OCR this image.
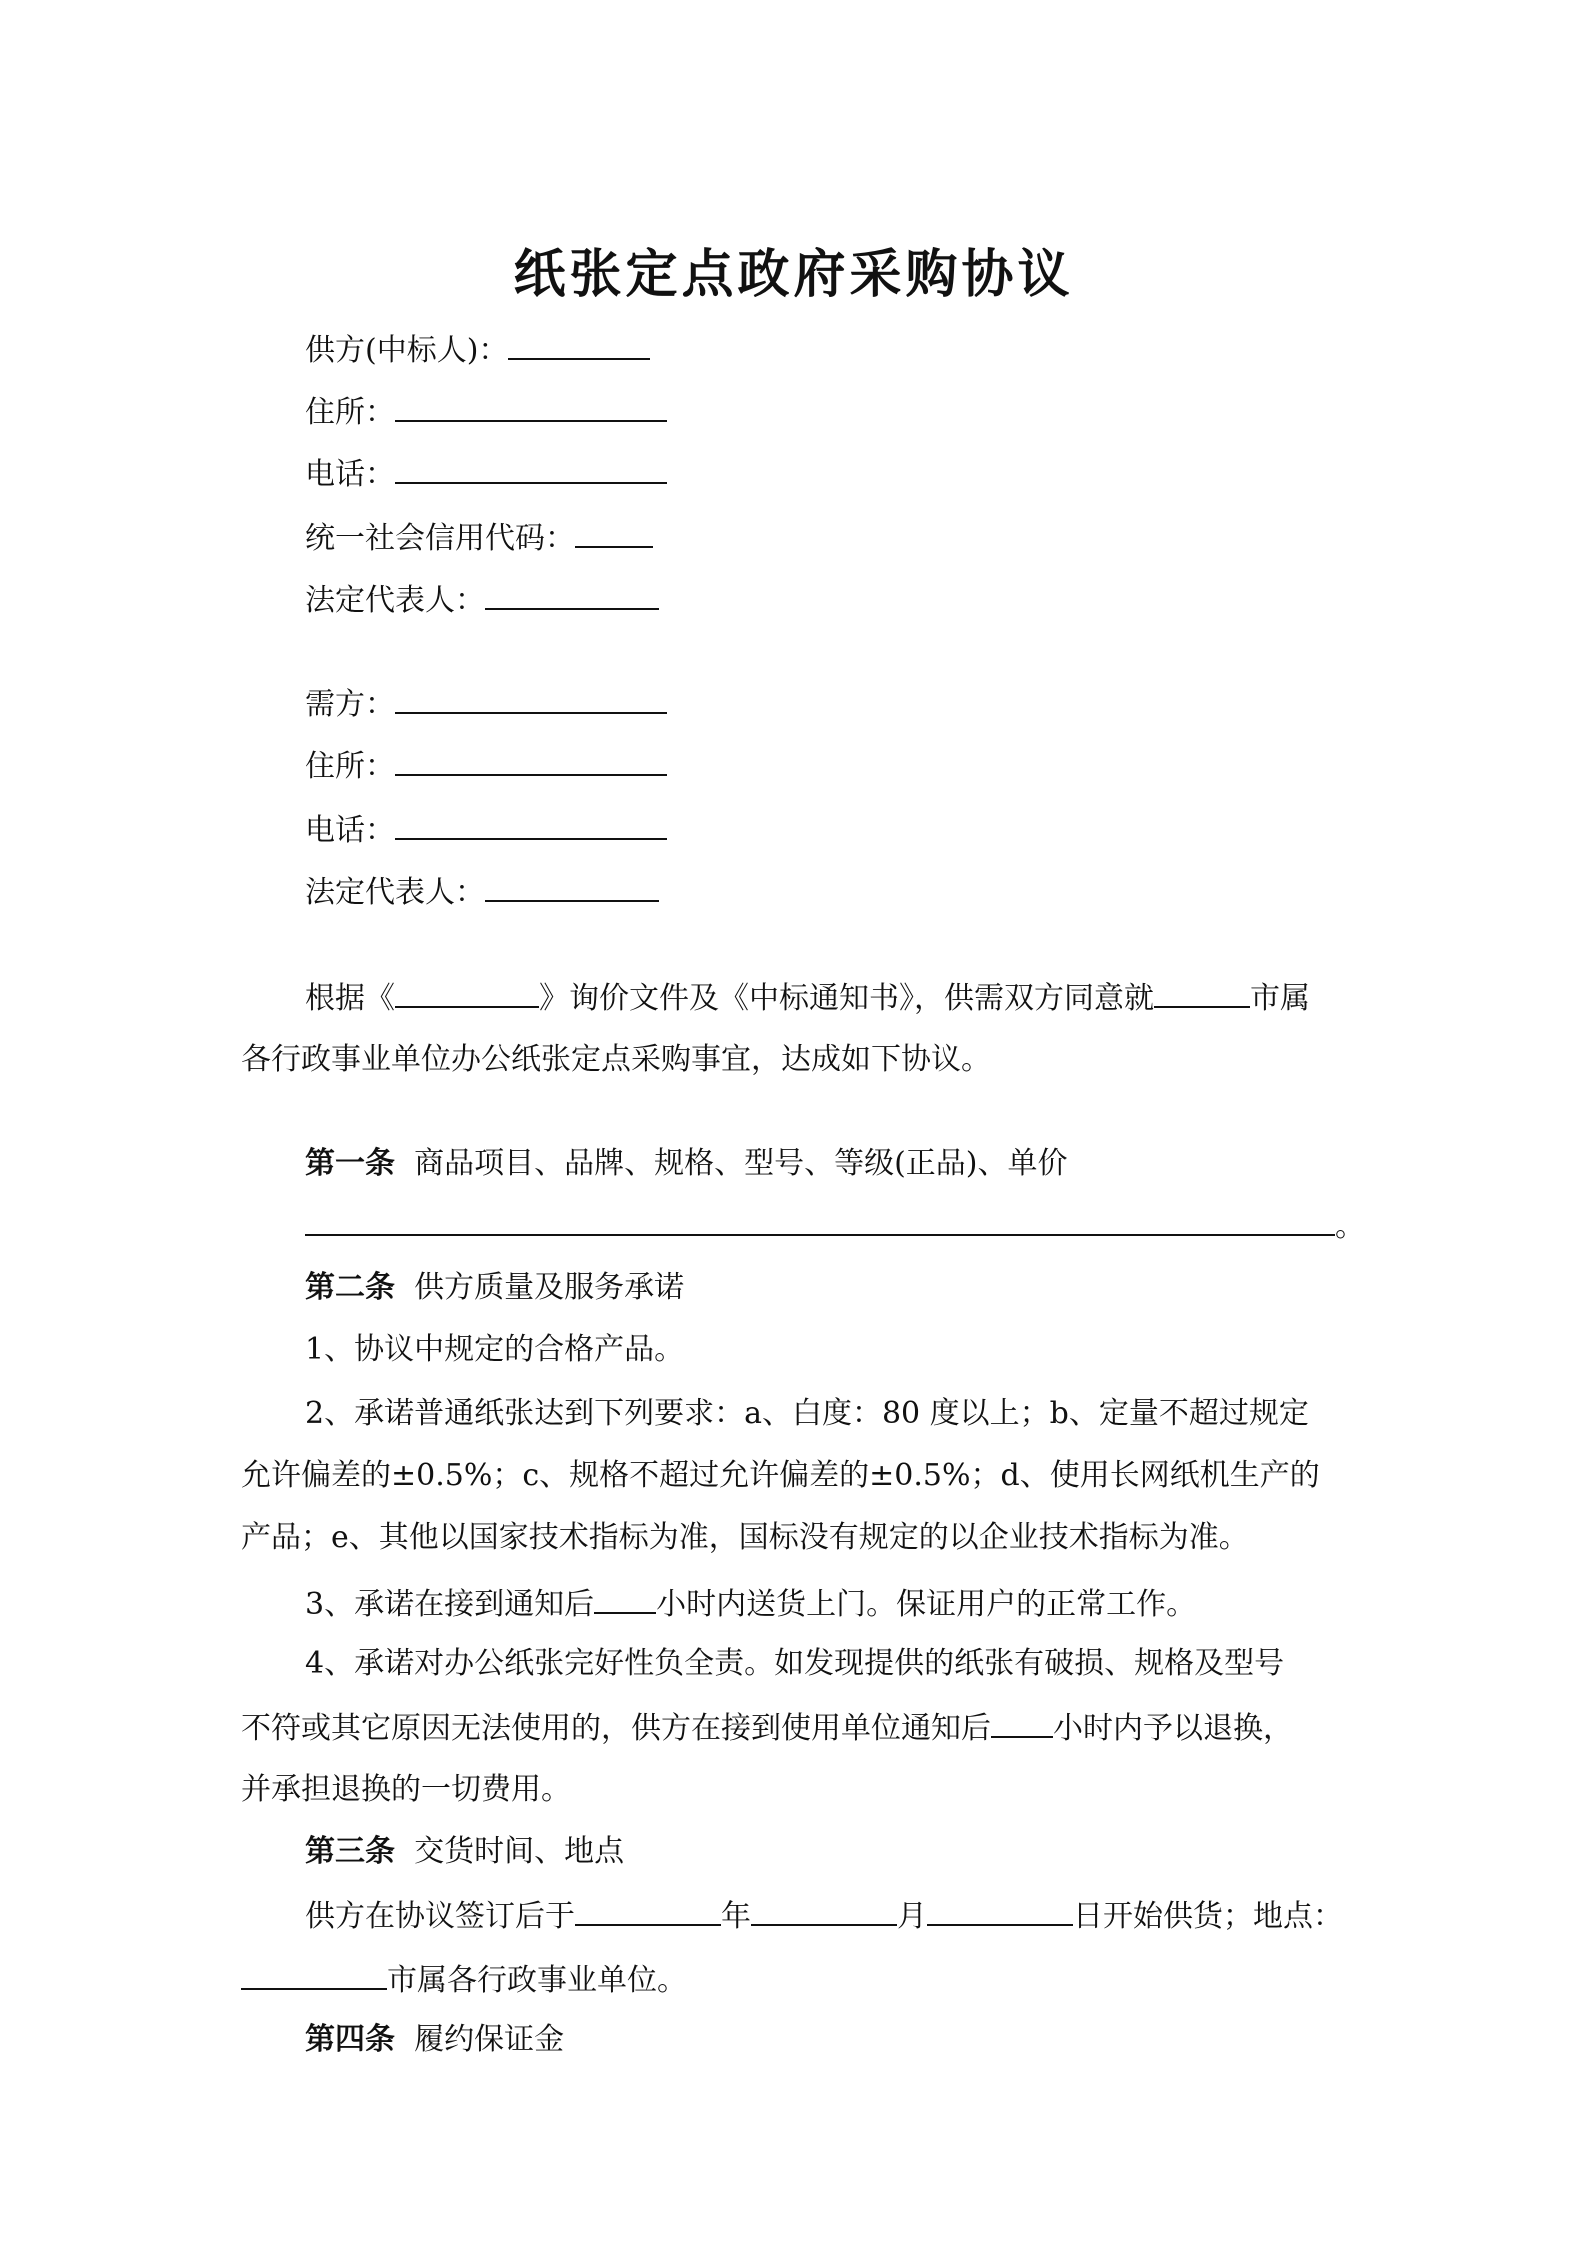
纸张定点政府采购协议
供方(中标人)：
住所：
电话：
统一社会信用代码：
法定代表人：
需方：
住所：
电话：
法定代表人：
根据《	》询价文件及《中标通知书》，供需双方同意就	市属
各行政事业单位办公纸张定点采购事宜，达成如下协议。
第一条 商品项目、品牌、规格、型号、等级(正品)、单价
。
第二条 供方质量及服务承诺
1、协议中规定的合格产品。
2、承诺普通纸张达到下列要求：a、白度：80 度以上；b、定量不超过规定
允许偏差的±0.5%；c、规格不超过允许偏差的±0.5%；d、使用长网纸机生产的
产品；e、其他以国家技术指标为准，国标没有规定的以企业技术指标为准。
3、承诺在接到通知后 小时内送货上门。保证用户的正常工作。
4、承诺对办公纸张完好性负全责。如发现提供的纸张有破损、规格及型号
不符或其它原因无法使用的，供方在接到使用单位通知后 小时内予以退换，
并承担退换的一切费用。
第三条 交货时间、地点
供方在协议签订后于	年	月	日开始供货；地点：
市属各行政事业单位。
第四条 履约保证金
